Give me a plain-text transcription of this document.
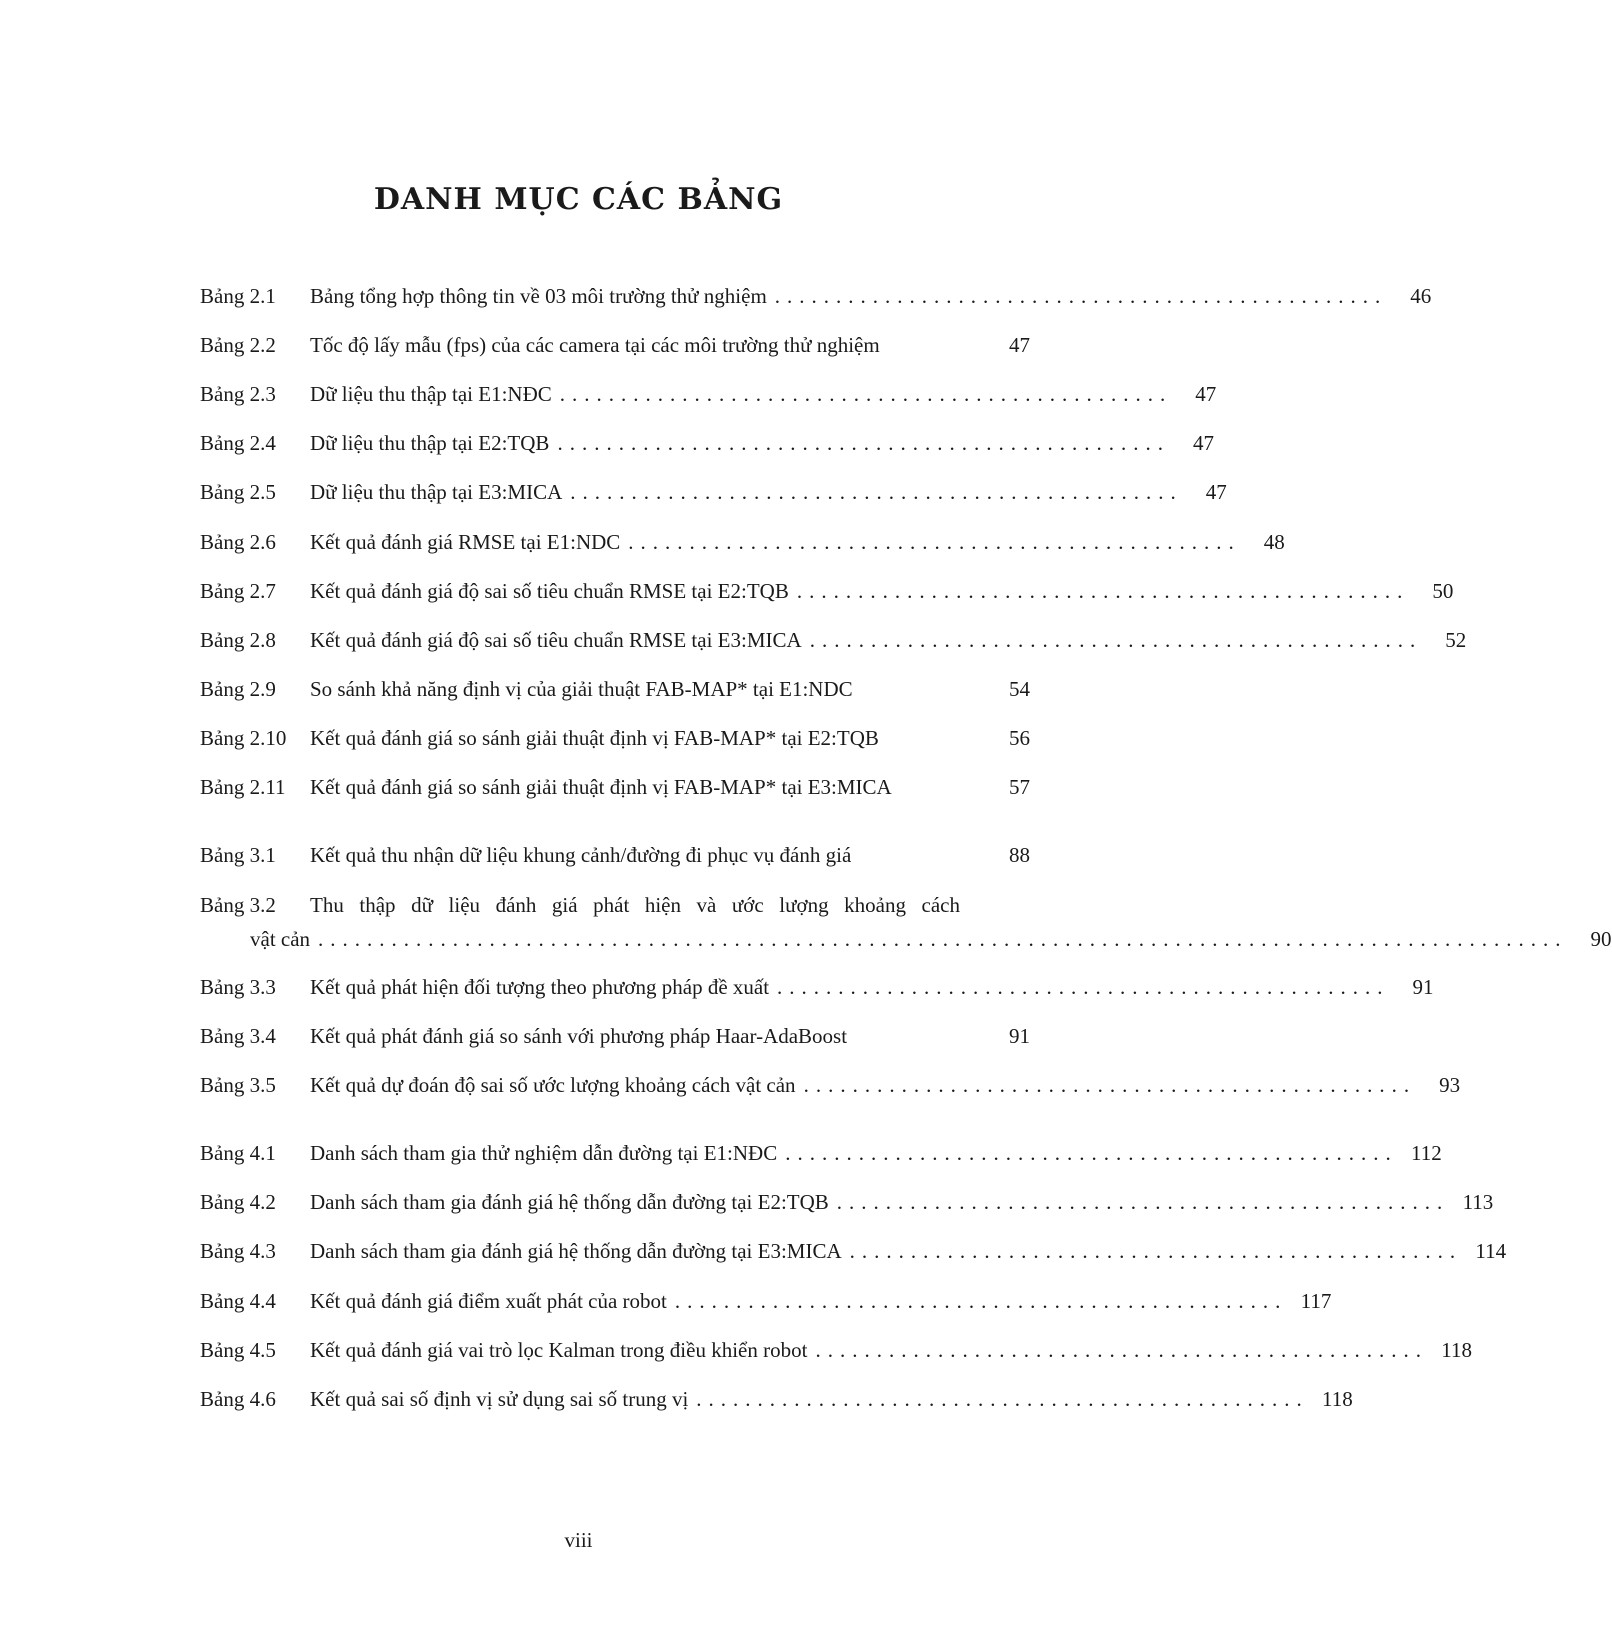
DANH MỤC CÁC BẢNG
Bảng 2.1 Bảng tổng hợp thông tin về 03 môi trường thử nghiệm ..................................................	46
Bảng 2.2 Tốc độ lấy mẫu (fps) của các camera tại các môi trường thử nghiệm	47
Bảng 2.3 Dữ liệu thu thập tại E1:NĐC ..................................................	47
Bảng 2.4 Dữ liệu thu thập tại E2:TQB ..................................................	47
Bảng 2.5 Dữ liệu thu thập tại E3:MICA ..................................................	47
Bảng 2.6 Kết quả đánh giá RMSE tại E1:NDC ..................................................	48
Bảng 2.7 Kết quả đánh giá độ sai số tiêu chuẩn RMSE tại E2:TQB ..................................................	50
Bảng 2.8 Kết quả đánh giá độ sai số tiêu chuẩn RMSE tại E3:MICA ..................................................	52
Bảng 2.9 So sánh khả năng định vị của giải thuật FAB-MAP* tại E1:NDC	54
Bảng 2.10 Kết quả đánh giá so sánh giải thuật định vị FAB-MAP* tại E2:TQB	56
Bảng 2.11 Kết quả đánh giá so sánh giải thuật định vị FAB-MAP* tại E3:MICA	57
Bảng 3.1 Kết quả thu nhận dữ liệu khung cảnh/đường đi phục vụ đánh giá	88
Bảng 3.2 Thu thập dữ liệu đánh giá phát hiện và ước lượng khoảng cách
vật cản ......................................................................................................	90
Bảng 3.3 Kết quả phát hiện đối tượng theo phương pháp đề xuất ..................................................	91
Bảng 3.4 Kết quả phát đánh giá so sánh với phương pháp Haar-AdaBoost	91
Bảng 3.5 Kết quả dự đoán độ sai số ước lượng khoảng cách vật cản ..................................................	93
Bảng 4.1 Danh sách tham gia thử nghiệm dẫn đường tại E1:NĐC .................................................. 112
Bảng 4.2 Danh sách tham gia đánh giá hệ thống dẫn đường tại E2:TQB .................................................. 113
Bảng 4.3 Danh sách tham gia đánh giá hệ thống dẫn đường tại E3:MICA .................................................. 114
Bảng 4.4 Kết quả đánh giá điểm xuất phát của robot .................................................. 117
Bảng 4.5 Kết quả đánh giá vai trò lọc Kalman trong điều khiển robot .................................................. 118
Bảng 4.6 Kết quả sai số định vị sử dụng sai số trung vị .................................................. 118
viii
